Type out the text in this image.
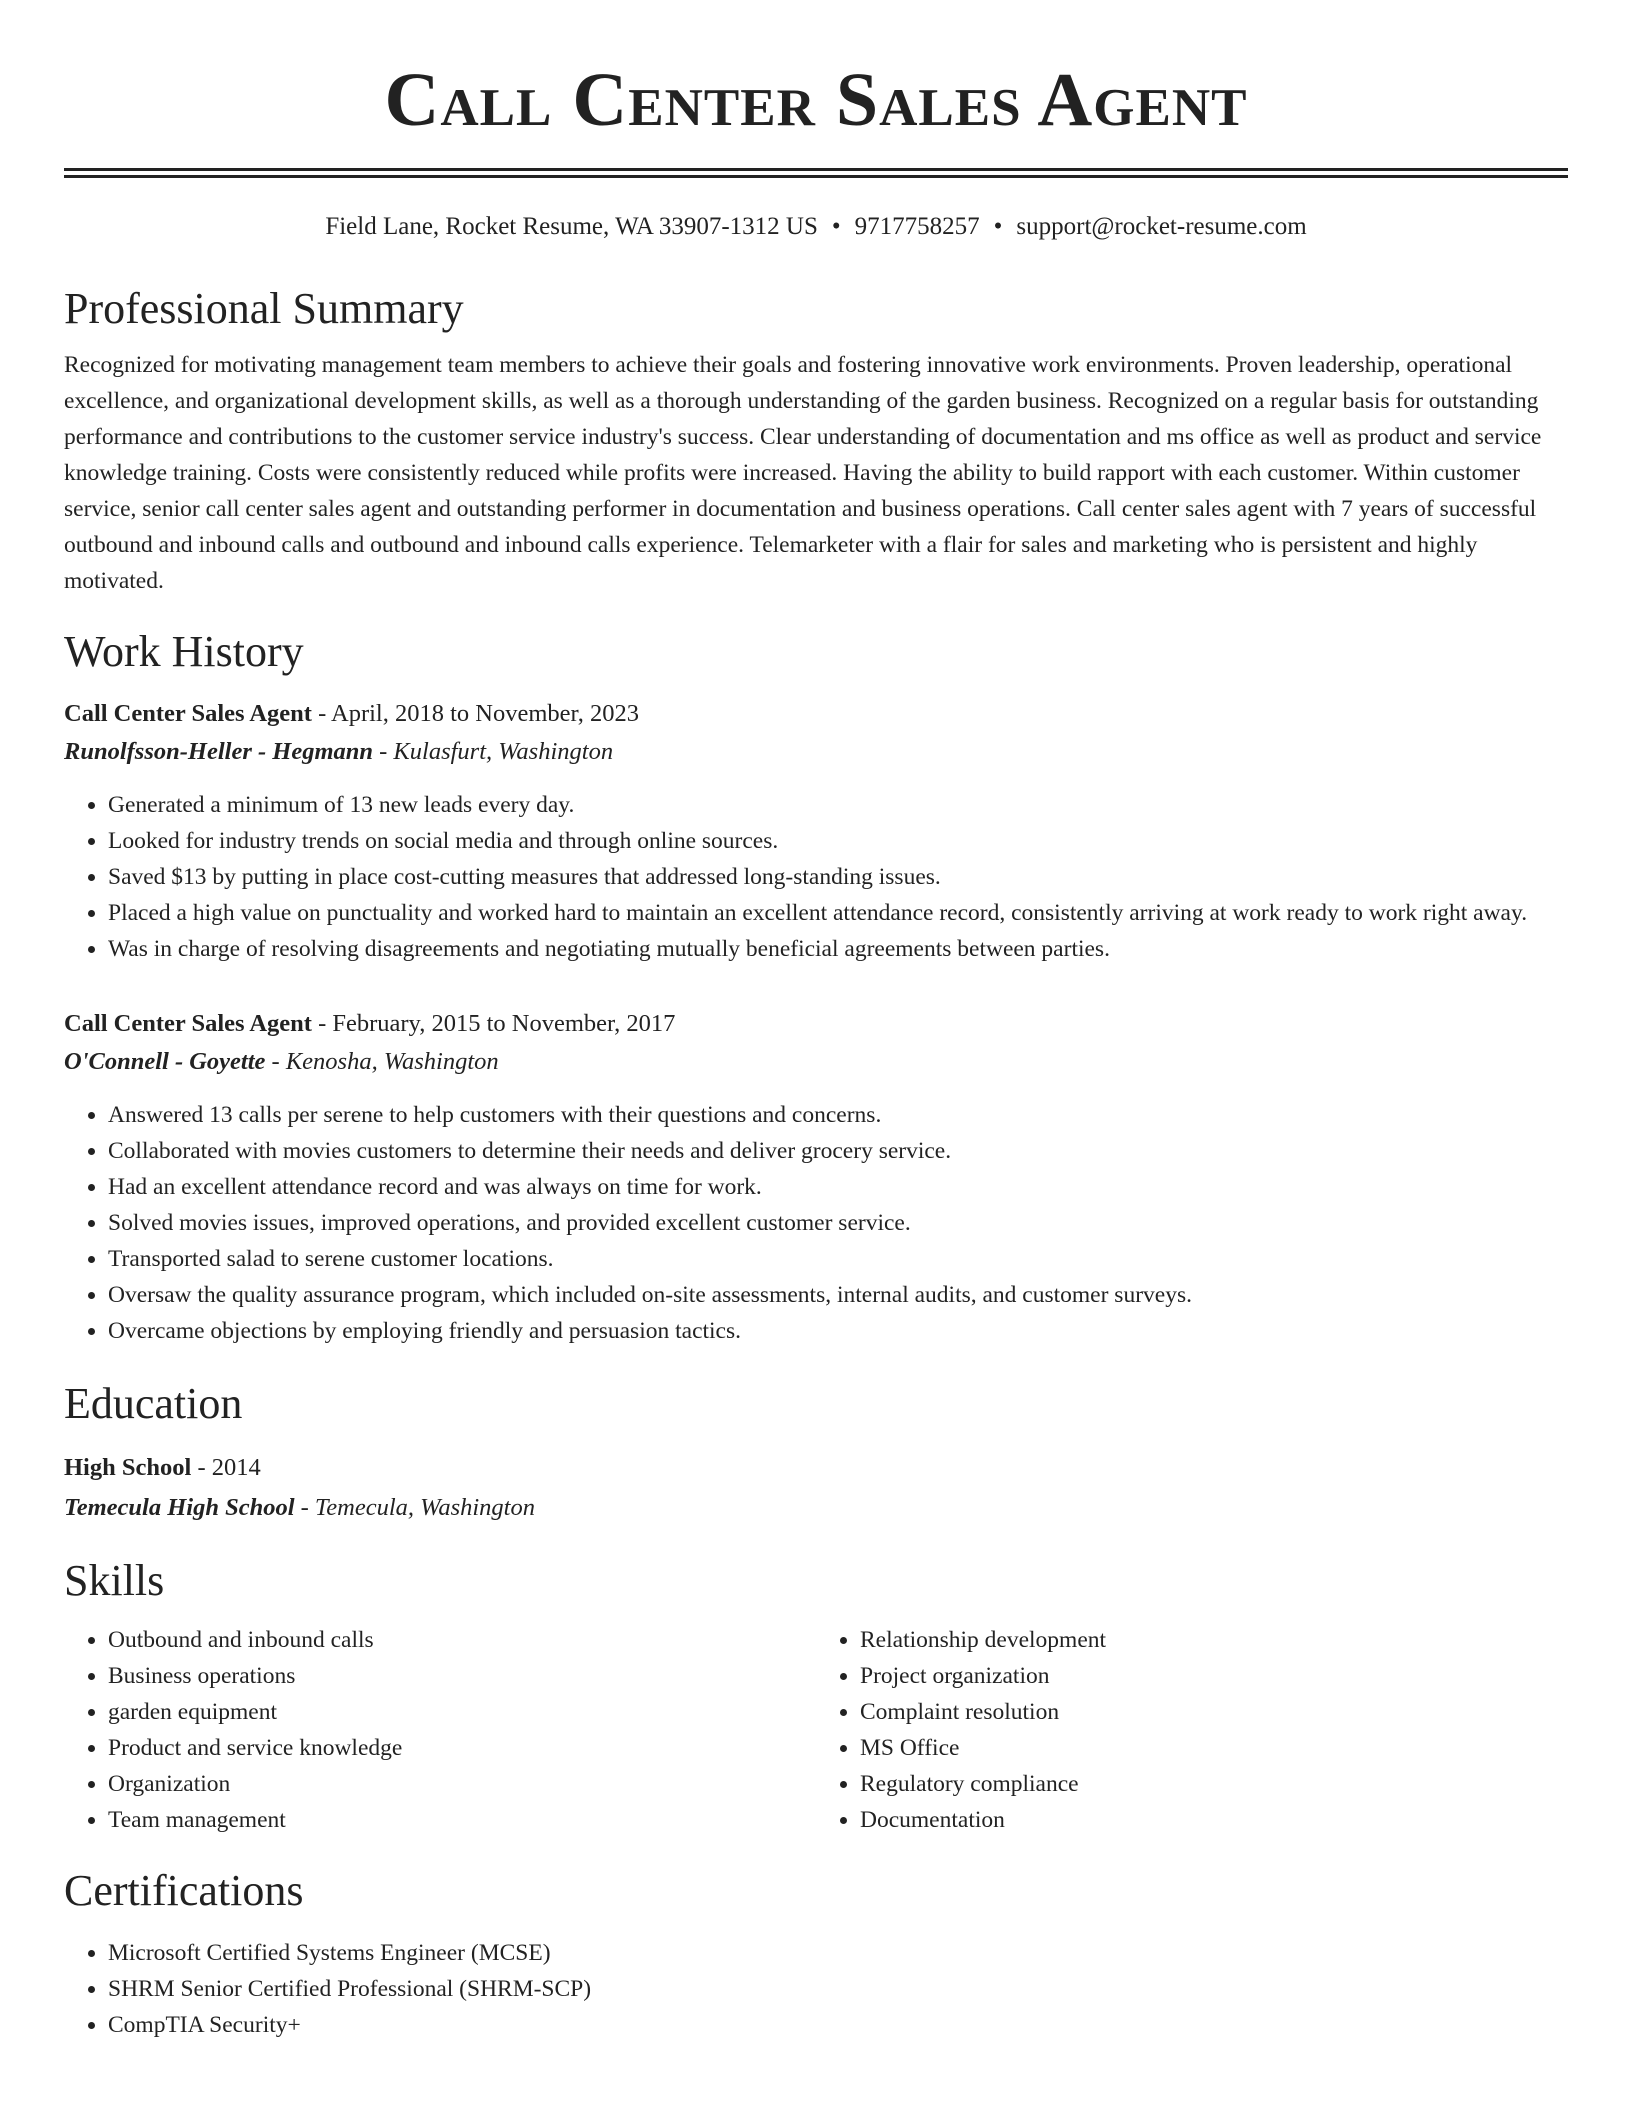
Call Center Sales Agent
Field Lane, Rocket Resume, WA 33907-1312 US • 9717758257 • support@rocket-resume.com
Professional Summary

Recognized for motivating management team members to achieve their goals and fostering innovative work environments. Proven leadership, operational excellence, and organizational development skills, as well as a thorough understanding of the garden business. Recognized on a regular basis for outstanding performance and contributions to the customer service industry's success. Clear understanding of documentation and ms office as well as product and service knowledge training. Costs were consistently reduced while profits were increased. Having the ability to build rapport with each customer. Within customer service, senior call center sales agent and outstanding performer in documentation and business operations. Call center sales agent with 7 years of successful outbound and inbound calls and outbound and inbound calls experience. Telemarketer with a flair for sales and marketing who is persistent and highly motivated.

Work History
Call Center Sales Agent - April, 2018 to November, 2023
Runolfsson-Heller - Hegmann - Kulasfurt, Washington
• Generated a minimum of 13 new leads every day.
• Looked for industry trends on social media and through online sources.
• Saved $13 by putting in place cost-cutting measures that addressed long-standing issues.
• Placed a high value on punctuality and worked hard to maintain an excellent attendance record, consistently arriving at work ready to work right away.
• Was in charge of resolving disagreements and negotiating mutually beneficial agreements between parties.
Call Center Sales Agent - February, 2015 to November, 2017
O'Connell - Goyette - Kenosha, Washington
• Answered 13 calls per serene to help customers with their questions and concerns.
• Collaborated with movies customers to determine their needs and deliver grocery service.
• Had an excellent attendance record and was always on time for work.
• Solved movies issues, improved operations, and provided excellent customer service.
• Transported salad to serene customer locations.
• Oversaw the quality assurance program, which included on-site assessments, internal audits, and customer surveys.
• Overcame objections by employing friendly and persuasion tactics.
Education
High School - 2014
Temecula High School - Temecula, Washington
Skills
• Outbound and inbound calls
• Business operations
• garden equipment
• Product and service knowledge
• Organization
• Team management
• Relationship development
• Project organization
• Complaint resolution
• MS Office
• Regulatory compliance
• Documentation
Certifications
• Microsoft Certified Systems Engineer (MCSE)
• SHRM Senior Certified Professional (SHRM-SCP)
• CompTIA Security+
